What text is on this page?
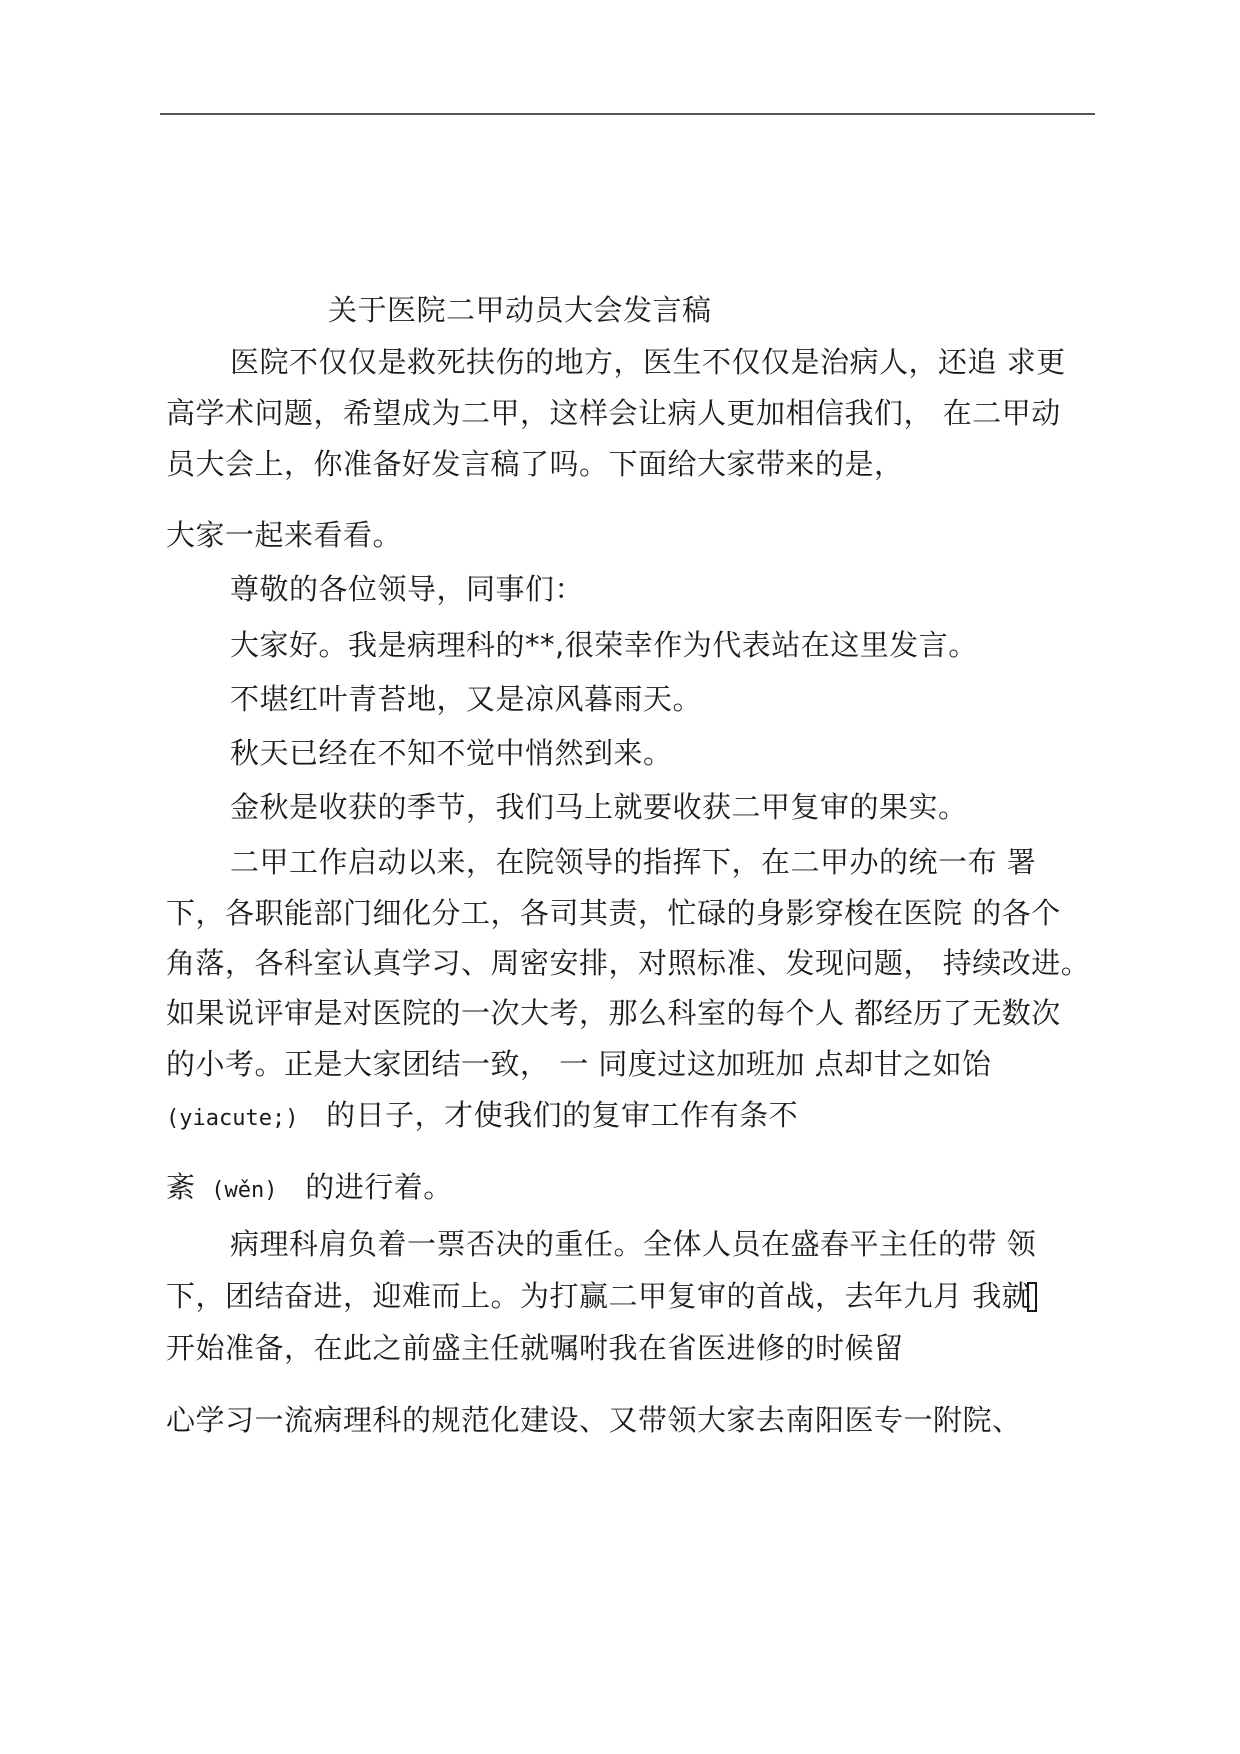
关于医院二甲动员大会发言稿
医院不仅仅是救死扶伤的地方，医生不仅仅是治病人，还追 求更
高学术问题，希望成为二甲，这样会让病人更加相信我们， 在二甲动
员大会上，你准备好发言稿了吗。下面给大家带来的是，
大家一起来看看。
尊敬的各位领导，同事们：
大家好。我是病理科的**,很荣幸作为代表站在这里发言。
不堪红叶青苔地，又是凉风暮雨天。
秋天已经在不知不觉中悄然到来。
金秋是收获的季节，我们马上就要收获二甲复审的果实。
二甲工作启动以来，在院领导的指挥下，在二甲办的统一布 署
下，各职能部门细化分工，各司其责，忙碌的身影穿梭在医院 的各个
角落，各科室认真学习、周密安排，对照标准、发现问题， 持续改进。
如果说评审是对医院的一次大考，那么科室的每个人 都经历了无数次
的小考。正是大家团结一致， 一 同度过这加班加 点却甘之如饴
(yiacute;) 的日子，才使我们的复审工作有条不
紊 (wěn) 的进行着。
病理科肩负着一票否决的重任。全体人员在盛春平主任的带 领
下，团结奋进，迎难而上。为打赢二甲复审的首战，去年九月 我就
开始准备，在此之前盛主任就嘱咐我在省医进修的时候留
心学习一流病理科的规范化建设、又带领大家去南阳医专一附院、
